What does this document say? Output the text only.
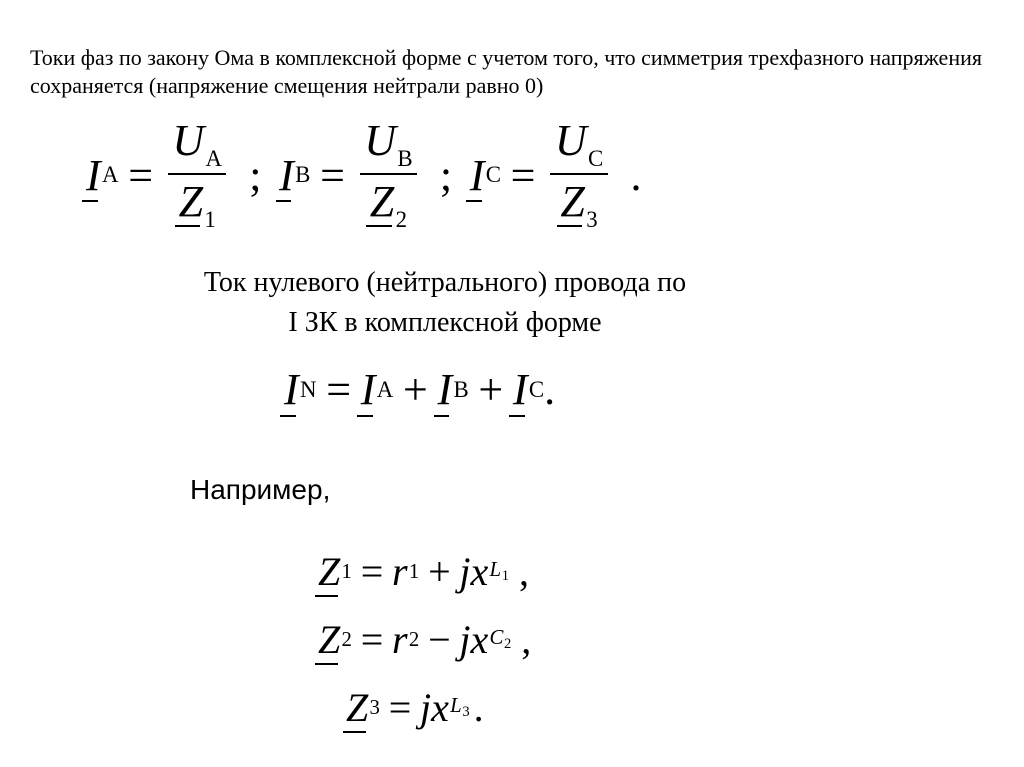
Токи фаз по закону Ома в комплексной форме с учетом того, что симметрия трехфазного напряжения сохраняется (напряжение смещения нейтрали равно 0)
I $A = \frac{U_A}{Z_1}$ ; I $B = \frac{U_B}{Z_2}$ ; I $C = \frac{U_C}{Z_3}$ .
Ток нулевого (нейтрального) провода по
I ЗК в комплексной форме
I N = I A + I B + I C .
Например,
Z 1 = r 1 + jx $L_1$ ,
Z 2 = r 2 − jx $C_2$ ,
Z 3 = jx $L_3$ .
